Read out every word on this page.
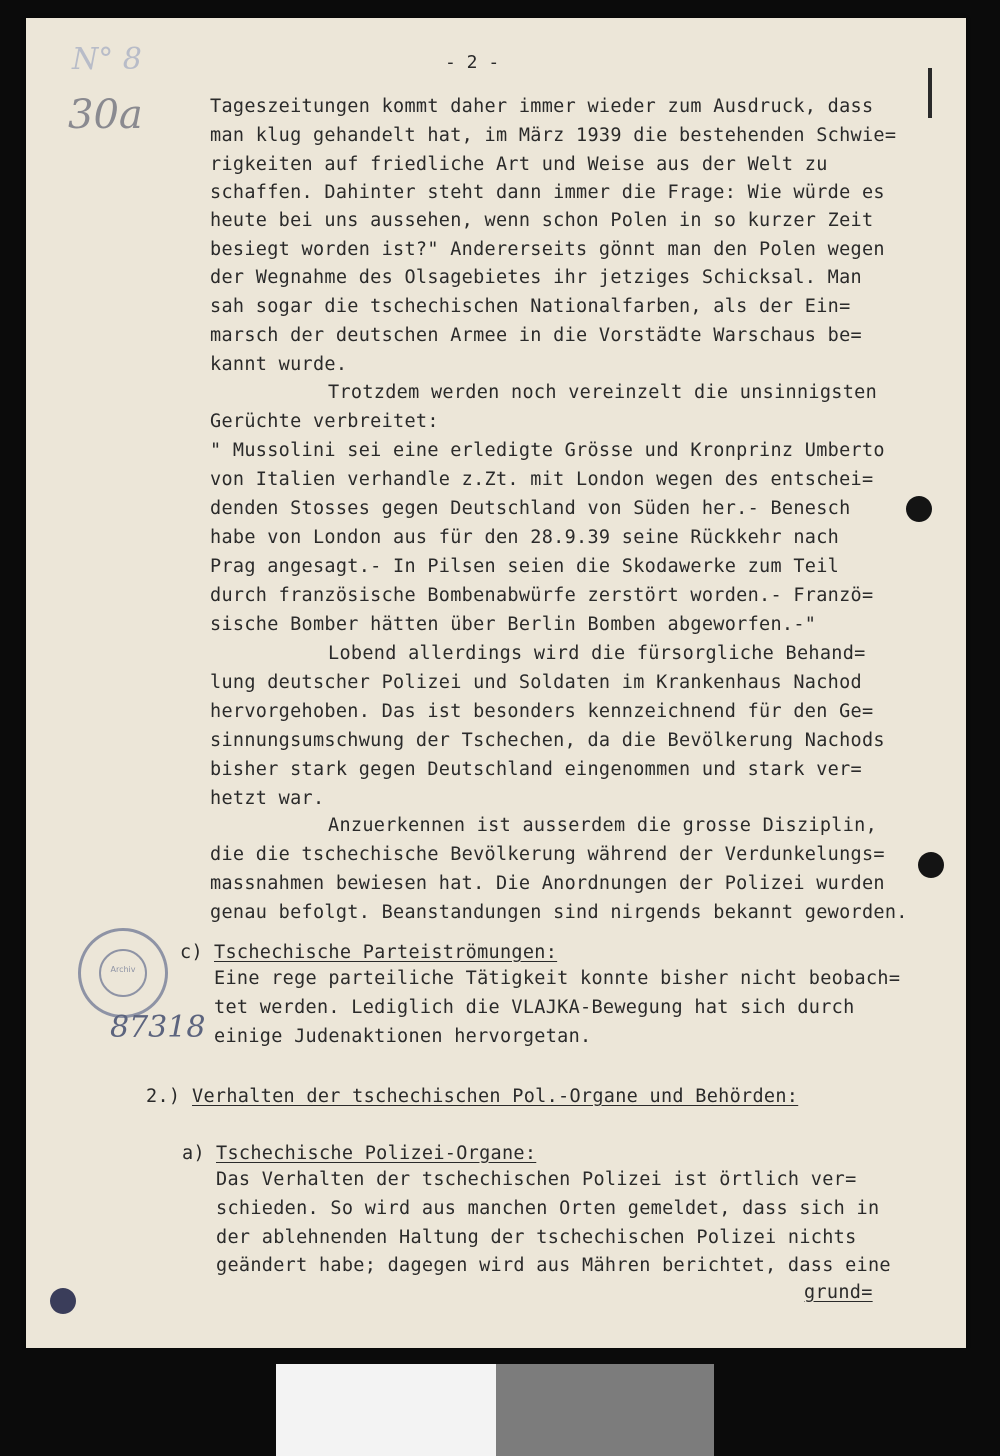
- 2 -
30a
N° 8
Archiv
87318
Tageszeitungen kommt daher immer wieder zum Ausdruck, dass
man klug gehandelt hat, im März 1939 die bestehenden Schwie=
rigkeiten auf friedliche Art und Weise aus der Welt zu
schaffen. Dahinter steht dann immer die Frage: Wie würde es
heute bei uns aussehen, wenn schon Polen in so kurzer Zeit
besiegt worden ist?" Andererseits gönnt man den Polen wegen
der Wegnahme des Olsagebietes ihr jetziges Schicksal. Man
sah sogar die tschechischen Nationalfarben, als der Ein=
marsch der deutschen Armee in die Vorstädte Warschaus be=
kannt wurde.
Trotzdem werden noch vereinzelt die unsinnigsten
Gerüchte verbreitet:
" Mussolini sei eine erledigte Grösse und Kronprinz Umberto
von Italien verhandle z.Zt. mit London wegen des entschei=
denden Stosses gegen Deutschland von Süden her.- Benesch
habe von London aus für den 28.9.39 seine Rückkehr nach
Prag angesagt.- In Pilsen seien die Skodawerke zum Teil
durch französische Bombenabwürfe zerstört worden.- Franzö=
sische Bomber hätten über Berlin Bomben abgeworfen.-"
Lobend allerdings wird die fürsorgliche Behand=
lung deutscher Polizei und Soldaten im Krankenhaus Nachod
hervorgehoben. Das ist besonders kennzeichnend für den Ge=
sinnungsumschwung der Tschechen, da die Bevölkerung Nachods
bisher stark gegen Deutschland eingenommen und stark ver=
hetzt war.
Anzuerkennen ist ausserdem die grosse Disziplin,
die die tschechische Bevölkerung während der Verdunkelungs=
massnahmen bewiesen hat. Die Anordnungen der Polizei wurden
genau befolgt. Beanstandungen sind nirgends bekannt geworden.
c) Tschechische Parteiströmungen:
Eine rege parteiliche Tätigkeit konnte bisher nicht beobach=
tet werden. Lediglich die VLAJKA-Bewegung hat sich durch
einige Judenaktionen hervorgetan.
2.) Verhalten der tschechischen Pol.-Organe und Behörden:
a) Tschechische Polizei-Organe:
Das Verhalten der tschechischen Polizei ist örtlich ver=
schieden. So wird aus manchen Orten gemeldet, dass sich in
der ablehnenden Haltung der tschechischen Polizei nichts
geändert habe; dagegen wird aus Mähren berichtet, dass eine
grund=
